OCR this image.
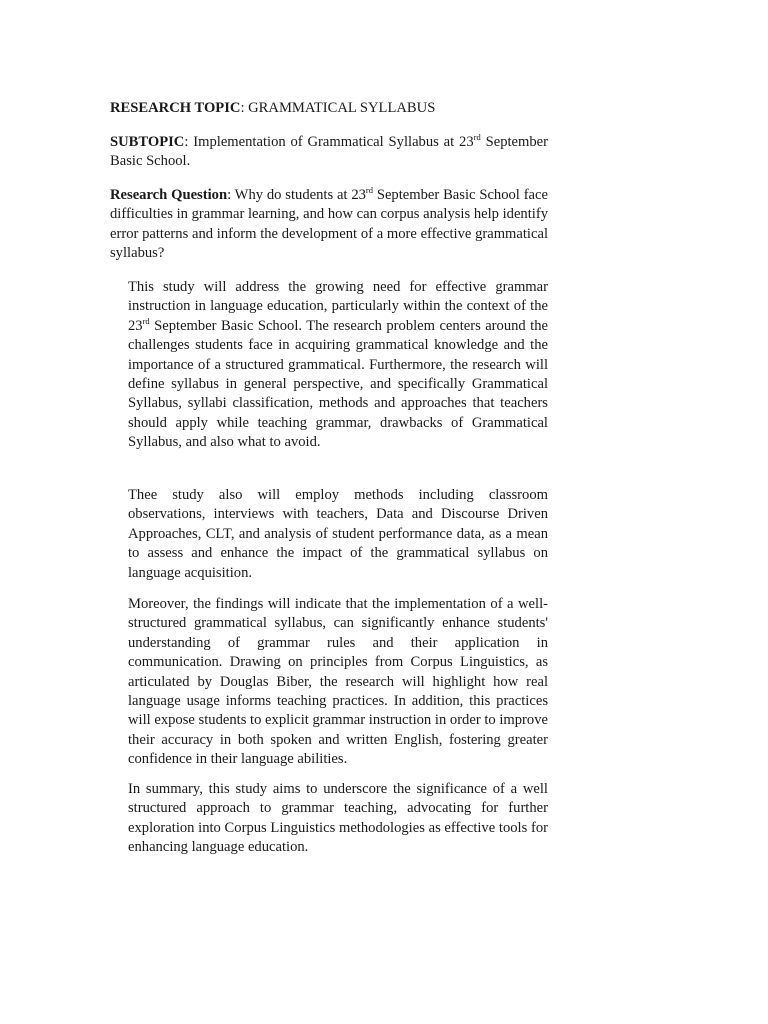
RESEARCH TOPIC: GRAMMATICAL SYLLABUS

SUBTOPIC: Implementation of Grammatical Syllabus at 23rd September Basic School.

Research Question: Why do students at 23rd September Basic School face difficulties in grammar learning, and how can corpus analysis help identify error patterns and inform the development of a more effective grammatical syllabus?

This study will address the growing need for effective grammar instruction in language education, particularly within the context of the 23rd September Basic School. The research problem centers around the challenges students face in acquiring grammatical knowledge and the importance of a structured grammatical. Furthermore, the research will define syllabus in general perspective, and specifically Grammatical Syllabus, syllabi classification, methods and approaches that teachers should apply while teaching grammar, drawbacks of Grammatical Syllabus, and also what to avoid.

Thee study also will employ methods including classroom observations, interviews with teachers, Data and Discourse Driven Approaches, CLT, and analysis of student performance data, as a mean to assess and enhance the impact of the grammatical syllabus on language acquisition.

Moreover, the findings will indicate that the implementation of a well-structured grammatical syllabus, can significantly enhance students' understanding of grammar rules and their application in communication. Drawing on principles from Corpus Linguistics, as articulated by Douglas Biber, the research will highlight how real language usage informs teaching practices. In addition, this practices will expose students to explicit grammar instruction in order to improve their accuracy in both spoken and written English, fostering greater confidence in their language abilities.

In summary, this study aims to underscore the significance of a well structured approach to grammar teaching, advocating for further exploration into Corpus Linguistics methodologies as effective tools for enhancing language education.
